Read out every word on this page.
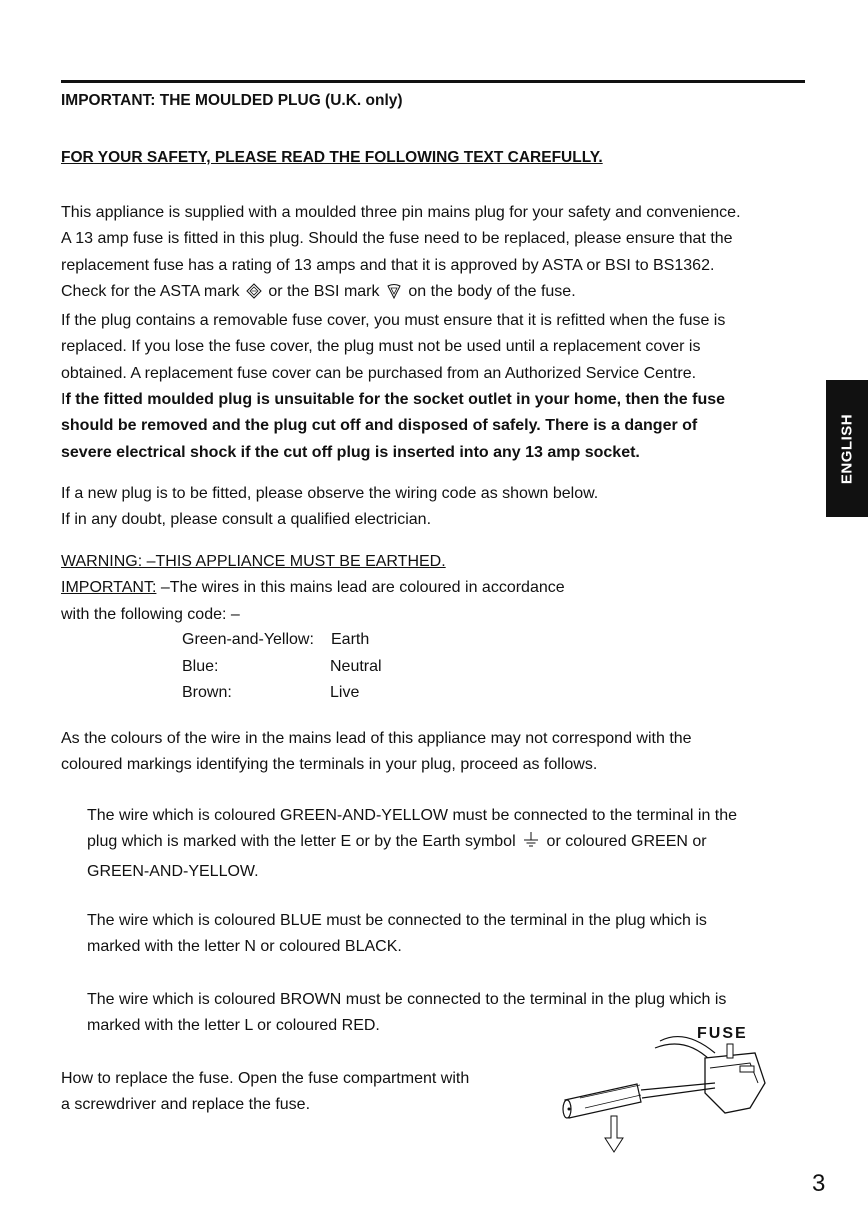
IMPORTANT: THE MOULDED PLUG (U.K. only)
FOR YOUR SAFETY, PLEASE READ THE FOLLOWING TEXT CAREFULLY.

This appliance is supplied with a moulded three pin mains plug for your safety and convenience.

A 13 amp fuse is fitted in this plug. Should the fuse need to be replaced, please ensure that the

replacement fuse has a rating of 13 amps and that it is approved by ASTA or BSI to BS1362.

Check for the ASTA mark or the BSI mark on the body of the fuse.

If the plug contains a removable fuse cover, you must ensure that it is refitted when the fuse is

replaced. If you lose the fuse cover, the plug must not be used until a replacement cover is

obtained. A replacement fuse cover can be purchased from an Authorized Service Centre.

If the fitted moulded plug is unsuitable for the socket outlet in your home, then the fuse

should be removed and the plug cut off and disposed of safely. There is a danger of

severe electrical shock if the cut off plug is inserted into any 13 amp socket.

If a new plug is to be fitted, please observe the wiring code as shown below.

If in any doubt, please consult a qualified electrician.

WARNING: –THIS APPLIANCE MUST BE EARTHED.

IMPORTANT: –The wires in this mains lead are coloured in accordance

with the following code: –

Green-and-Yellow: Earth
Blue:	Neutral
Brown:	Live

As the colours of the wire in the mains lead of this appliance may not correspond with the

coloured markings identifying the terminals in your plug, proceed as follows.

The wire which is coloured GREEN-AND-YELLOW must be connected to the terminal in the

plug which is marked with the letter E or by the Earth symbol or coloured GREEN or

GREEN-AND-YELLOW.

The wire which is coloured BLUE must be connected to the terminal in the plug which is

marked with the letter N or coloured BLACK.

The wire which is coloured BROWN must be connected to the terminal in the plug which is

marked with the letter L or coloured RED.

How to replace the fuse. Open the fuse compartment with

a screwdriver and replace the fuse.

FUSE
ENGLISH
3
